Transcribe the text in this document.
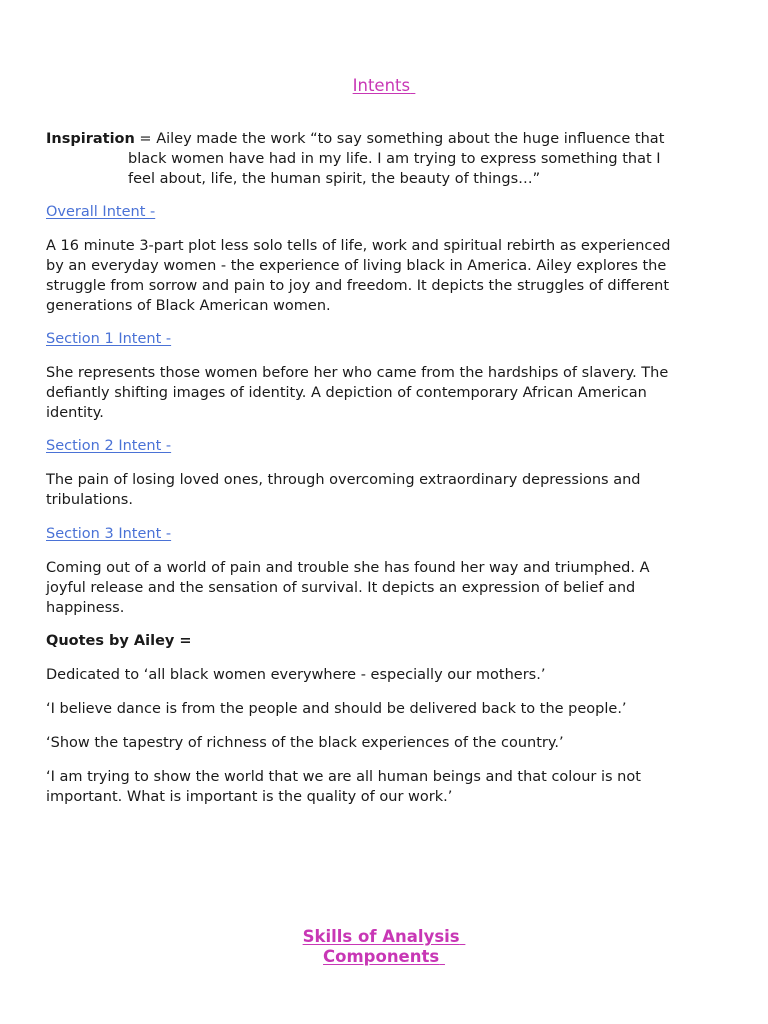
Intents
Inspiration = Ailey made the work “to say something about the huge influence that
black women have had in my life. I am trying to express something that I
feel about, life, the human spirit, the beauty of things…”
Overall Intent -
A 16 minute 3-part plot less solo tells of life, work and spiritual rebirth as experienced
by an everyday women - the experience of living black in America. Ailey explores the
struggle from sorrow and pain to joy and freedom. It depicts the struggles of different
generations of Black American women.
Section 1 Intent -
She represents those women before her who came from the hardships of slavery. The
defiantly shifting images of identity. A depiction of contemporary African American
identity.
Section 2 Intent -
The pain of losing loved ones, through overcoming extraordinary depressions and
tribulations.
Section 3 Intent -
Coming out of a world of pain and trouble she has found her way and triumphed. A
joyful release and the sensation of survival. It depicts an expression of belief and
happiness.
Quotes by Ailey =
Dedicated to ‘all black women everywhere - especially our mothers.’
‘I believe dance is from the people and should be delivered back to the people.’
‘Show the tapestry of richness of the black experiences of the country.’
‘I am trying to show the world that we are all human beings and that colour is not
important. What is important is the quality of our work.’
Skills of Analysis
Components
